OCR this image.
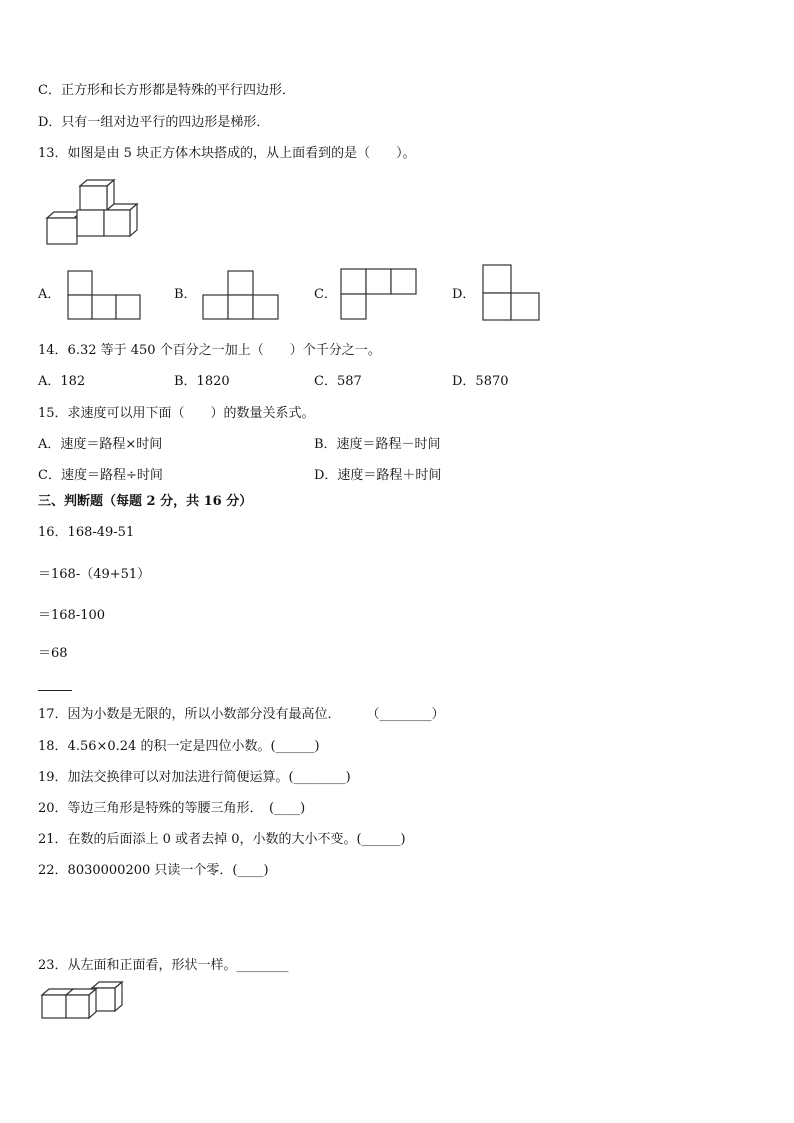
C．正方形和长方形都是特殊的平行四边形．
D．只有一组对边平行的四边形是梯形．
13．如图是由 5 块正方体木块搭成的，从上面看到的是（　　）。
A．	B．	C．	D．
14．6.32 等于 450 个百分之一加上（　　）个千分之一。
A．182	B．1820	C．587	D．5870
15．求速度可以用下面（　　）的数量关系式。
A．速度＝路程×时间	B．速度＝路程－时间
C．速度＝路程÷时间	D．速度＝路程＋时间
三、判断题（每题 2 分，共 16 分）
16．168-49-51
＝168-（49+51）
＝168-100
＝68
17．因为小数是无限的，所以小数部分没有最高位．　　　（________）
18．4.56×0.24 的积一定是四位小数。(______)
19．加法交换律可以对加法进行简便运算。(________)
20．等边三角形是特殊的等腰三角形．　(____)
21．在数的后面添上 0 或者去掉 0，小数的大小不变。(______)
22．8030000200 只读一个零．(____)
23．从左面和正面看，形状一样。________
